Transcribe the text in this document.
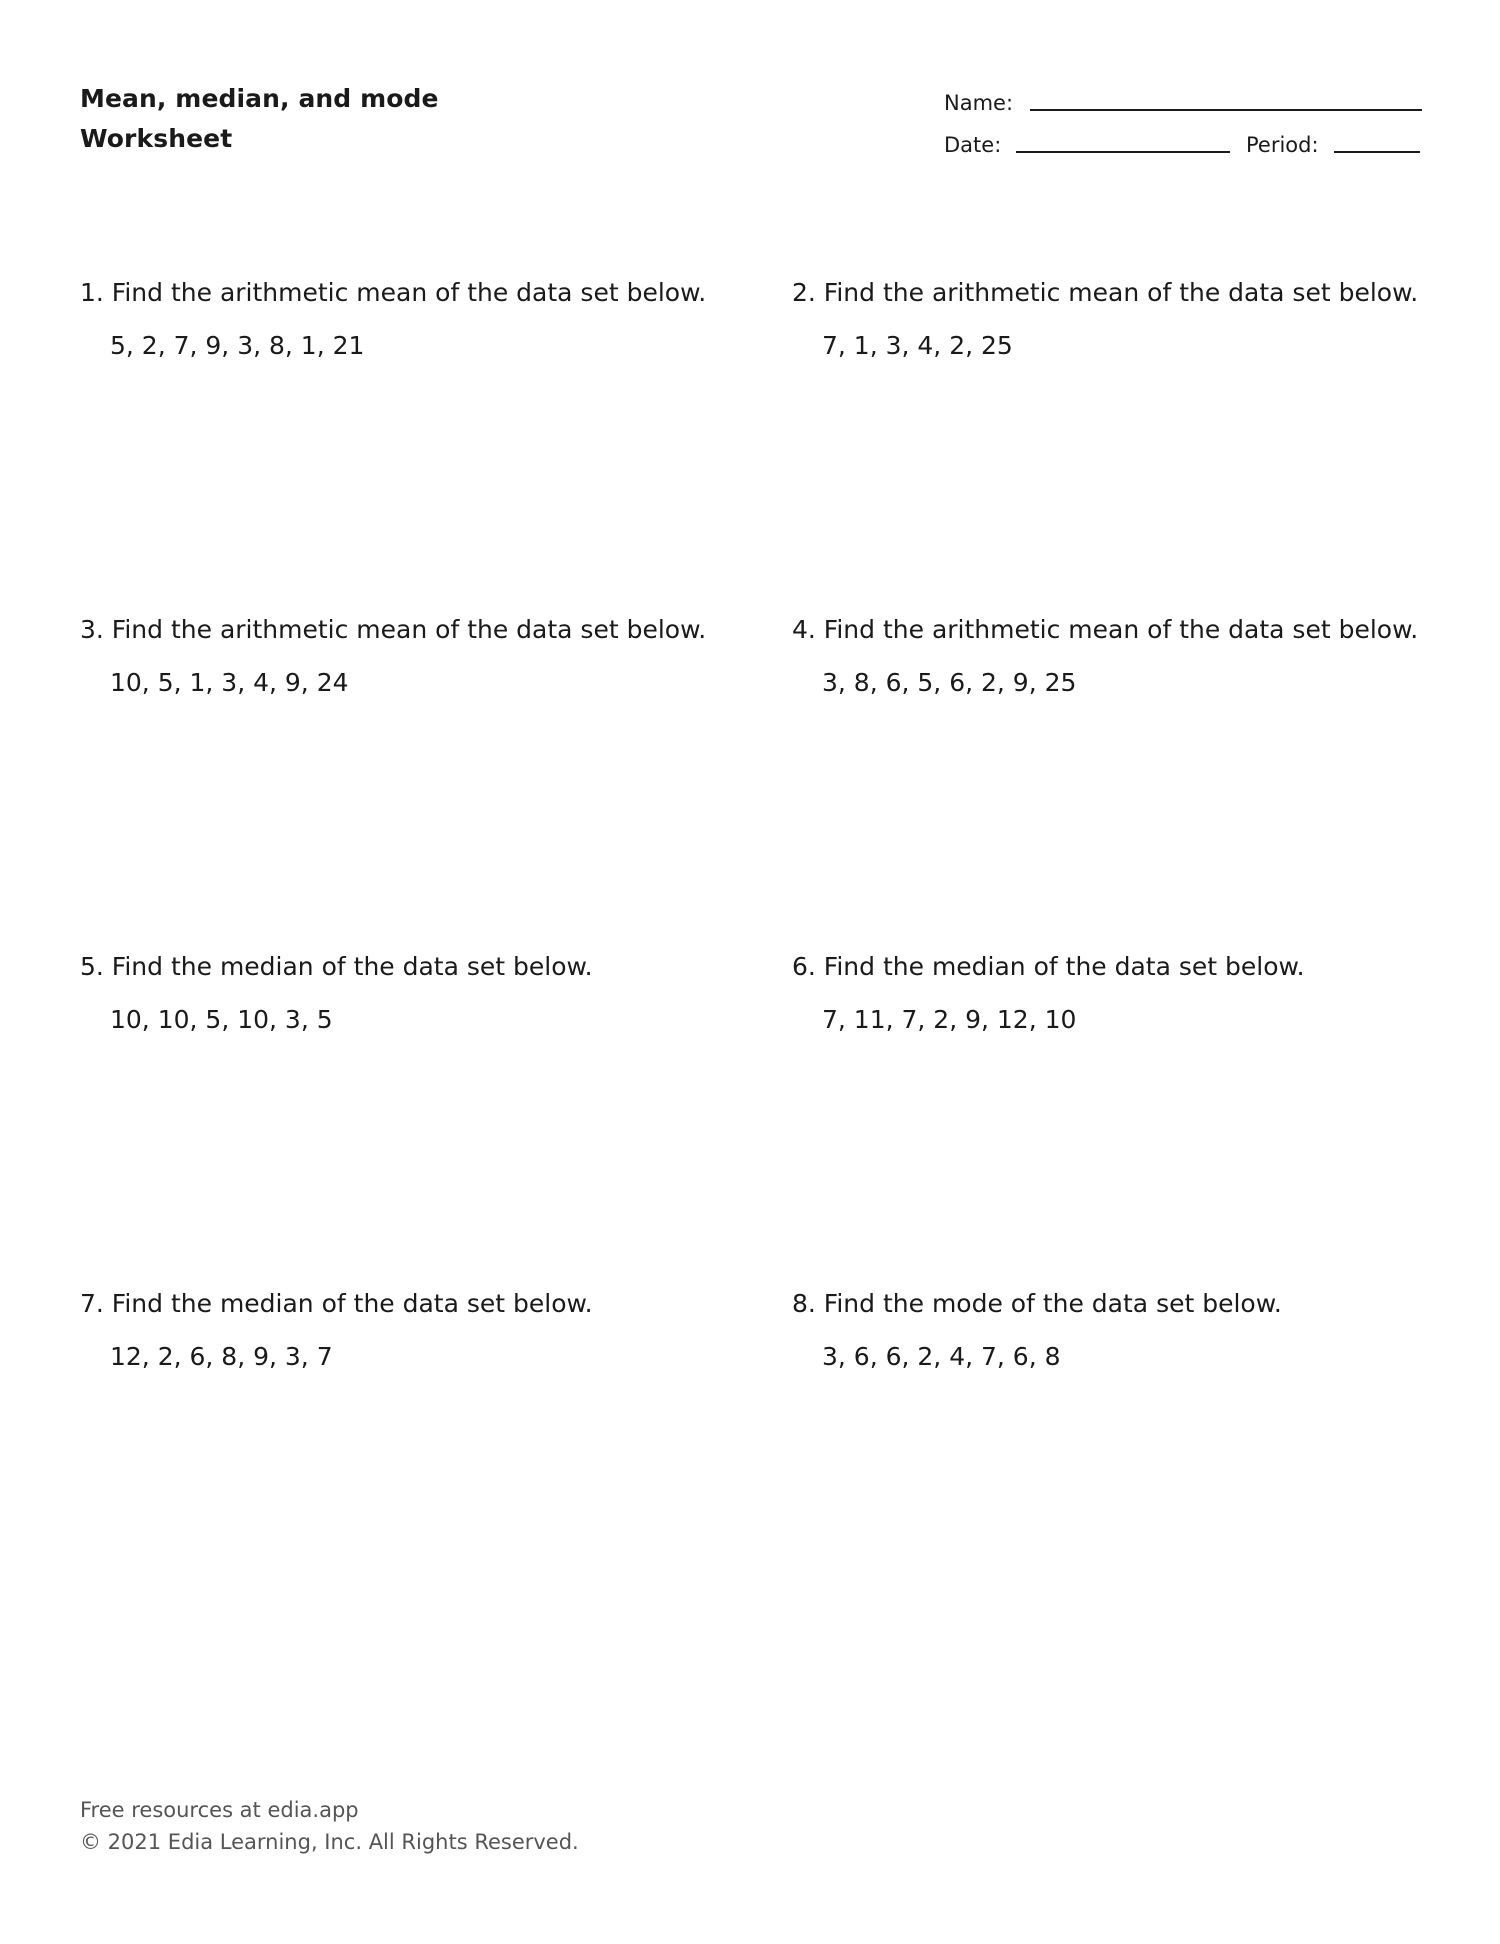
Mean, median, and mode
Worksheet
Name:
Date:	Period:
1. Find the arithmetic mean of the data set below.
5, 2, 7, 9, 3, 8, 1, 21
2. Find the arithmetic mean of the data set below.
7, 1, 3, 4, 2, 25
3. Find the arithmetic mean of the data set below.
10, 5, 1, 3, 4, 9, 24
4. Find the arithmetic mean of the data set below.
3, 8, 6, 5, 6, 2, 9, 25
5. Find the median of the data set below.
10, 10, 5, 10, 3, 5
6. Find the median of the data set below.
7, 11, 7, 2, 9, 12, 10
7. Find the median of the data set below.
12, 2, 6, 8, 9, 3, 7
8. Find the mode of the data set below.
3, 6, 6, 2, 4, 7, 6, 8
Free resources at edia.app
© 2021 Edia Learning, Inc. All Rights Reserved.
